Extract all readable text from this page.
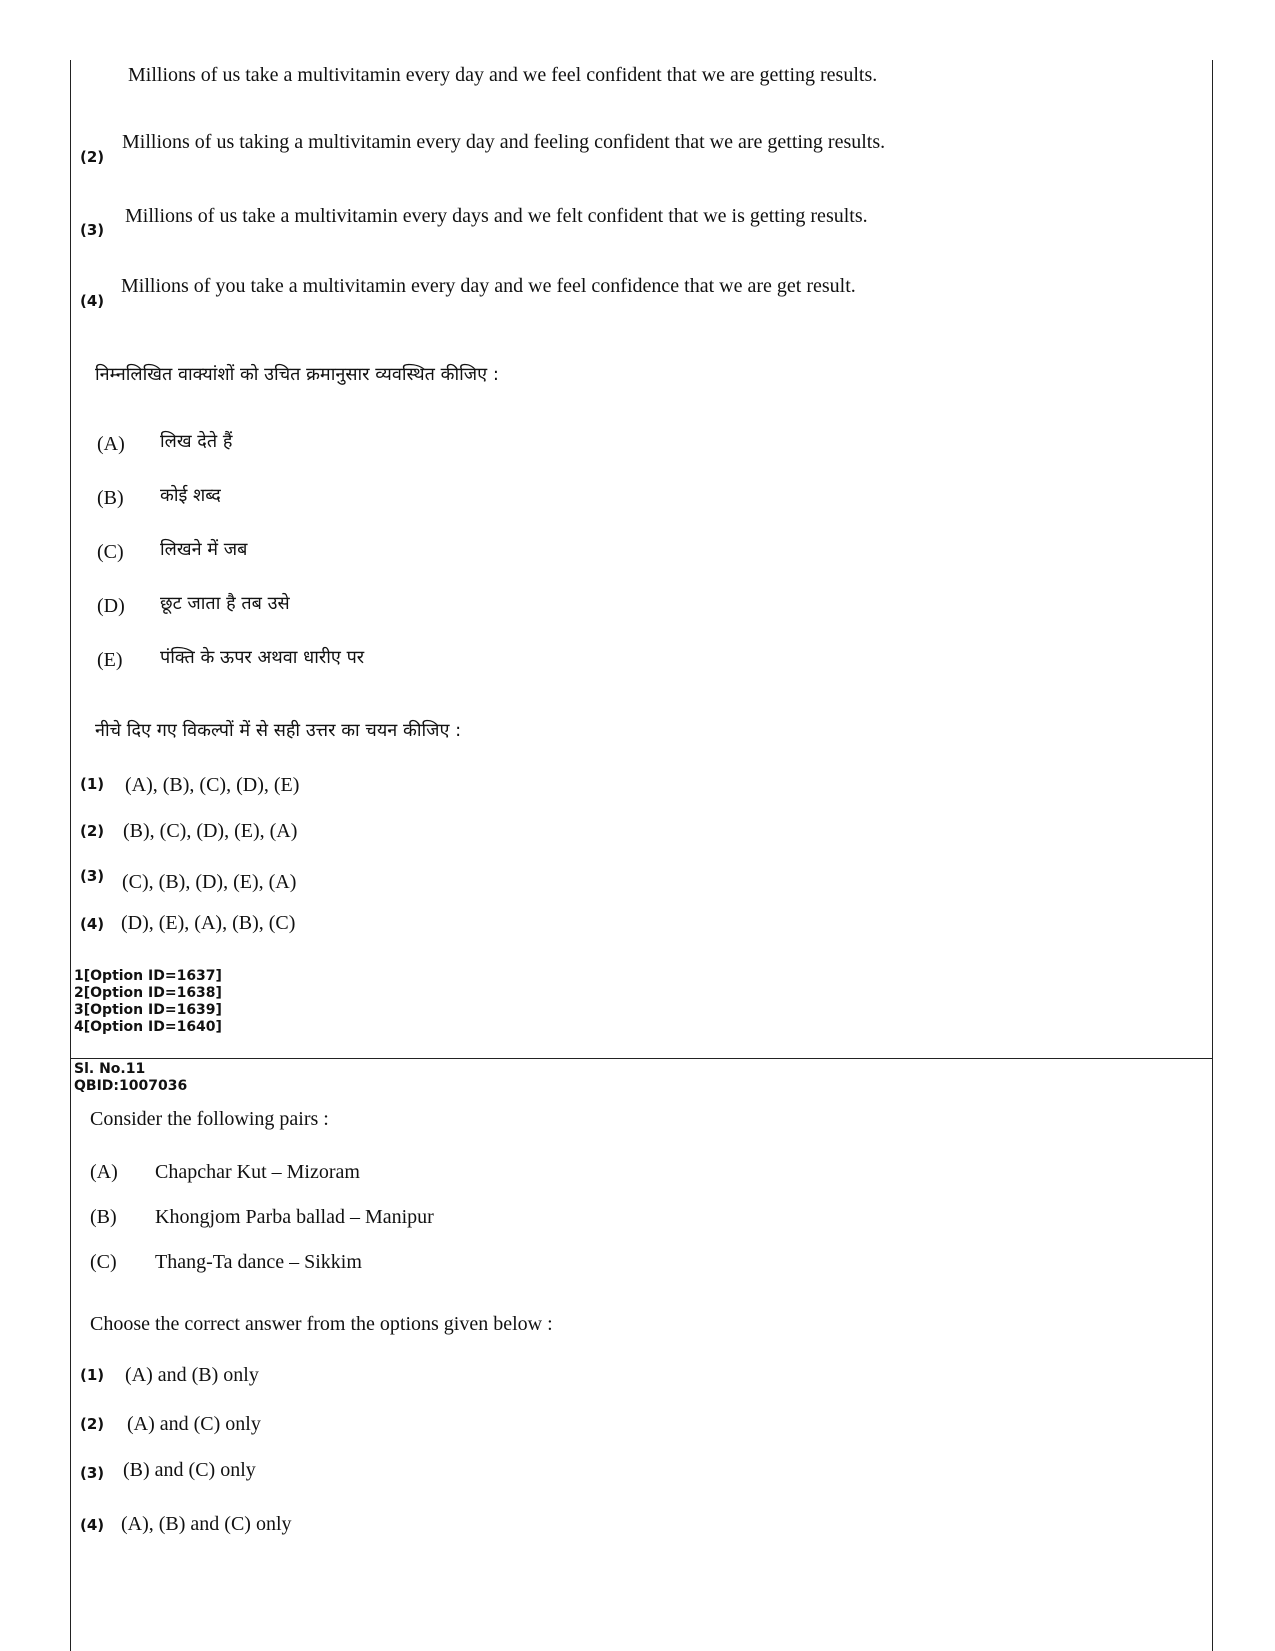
Millions of us take a multivitamin every day and we feel confident that we are getting results.
(2)
Millions of us taking a multivitamin every day and feeling confident that we are getting results.
(3)
Millions of us take a multivitamin every days and we felt confident that we is getting results.
(4)
Millions of you take a multivitamin every day and we feel confidence that we are get result.
निम्नलिखित वाक्यांशों को उचित क्रमानुसार व्यवस्थित कीजिए :
(A) लिख देते हैं
(B) कोई शब्द
(C) लिखने में जब
(D) छूट जाता है तब उसे
(E) पंक्ति के ऊपर अथवा धारीए पर
नीचे दिए गए विकल्पों में से सही उत्तर का चयन कीजिए :
(1) (A), (B), (C), (D), (E)
(2) (B), (C), (D), (E), (A)
(3) (C), (B), (D), (E), (A)
(4) (D), (E), (A), (B), (C)
1[Option ID=1637]
2[Option ID=1638]
3[Option ID=1639]
4[Option ID=1640]
Sl. No.11
QBID:1007036
Consider the following pairs :
(A) Chapchar Kut – Mizoram
(B) Khongjom Parba ballad – Manipur
(C) Thang-Ta dance – Sikkim
Choose the correct answer from the options given below :
(1) (A) and (B) only
(2) (A) and (C) only
(3) (B) and (C) only
(4) (A), (B) and (C) only
